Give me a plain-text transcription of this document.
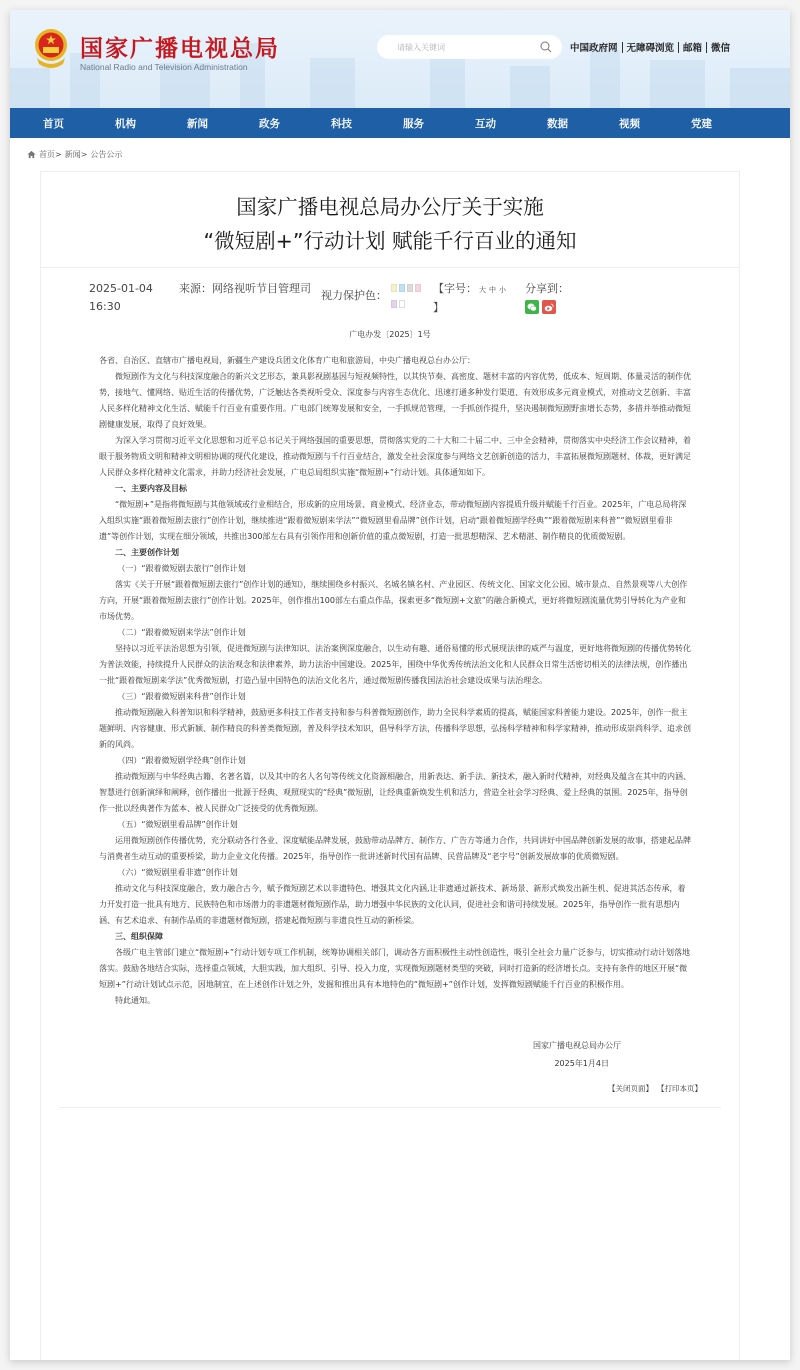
国家广播电视总局
National Radio and Television Administration
请输入关键词
中国政府网 无障碍浏览 邮箱 微信
首页	机构	新闻	政务	科技	服务	互动	数据	视频	党建
首页> 新闻> 公告公示
国家广播电视总局办公厅关于实施
“微短剧+”行动计划 赋能千行百业的通知
2025-01-04 16:30
来源：网络视听节目管理司
视力保护色：

【字号： 大 中 小
】
分享到：
广电办发〔2025〕1号

各省、自治区、直辖市广播电视局，新疆生产建设兵团文化体育广电和旅游局，中央广播电视总台办公厅：

微短剧作为文化与科技深度融合的新兴文艺形态，兼具影视剧基因与短视频特性，以其快节奏、高密度、题材丰富的内容优势，低成本、短周期、体量灵活的制作优势，接地气、懂网络、贴近生活的传播优势，广泛触达各类视听受众、深度参与内容生态优化、迅速打通多种发行渠道、有效形成多元商业模式，对推动文艺创新、丰富人民多样化精神文化生活、赋能千行百业有重要作用。广电部门统筹发展和安全，一手抓规范管理，一手抓创作提升，坚决遏制微短剧野蛮增长态势，多措并举推动微短剧健康发展，取得了良好效果。

为深入学习贯彻习近平文化思想和习近平总书记关于网络强国的重要思想，贯彻落实党的二十大和二十届二中、三中全会精神，贯彻落实中央经济工作会议精神，着眼于服务物质文明和精神文明相协调的现代化建设，推动微短剧与千行百业结合，激发全社会深度参与网络文艺创新创造的活力，丰富拓展微短剧题材、体裁，更好满足人民群众多样化精神文化需求，并助力经济社会发展，广电总局组织实施“微短剧+”行动计划。具体通知如下。

一、主要内容及目标

“微短剧+”是指将微短剧与其他领域或行业相结合，形成新的应用场景、商业模式、经济业态，带动微短剧内容提质升级并赋能千行百业。2025年，广电总局将深入组织实施“跟着微短剧去旅行”创作计划，继续推进“跟着微短剧来学法”“微短剧里看品牌”创作计划，启动“跟着微短剧学经典”“跟着微短剧来科普”“微短剧里看非遗”等创作计划，实现在细分领域，共推出300部左右具有引领作用和创新价值的重点微短剧，打造一批思想精深、艺术精湛、制作精良的优质微短剧。

二、主要创作计划

（一）“跟着微短剧去旅行”创作计划

落实《关于开展“跟着微短剧去旅行”创作计划的通知》，继续围绕乡村振兴、名城名镇名村、产业园区、传统文化、国家文化公园、城市景点、自然景观等八大创作方向，开展“跟着微短剧去旅行”创作计划。2025年，创作推出100部左右重点作品，探索更多“微短剧+文旅”的融合新模式，更好将微短剧流量优势引导转化为产业和市场优势。

（二）“跟着微短剧来学法”创作计划

坚持以习近平法治思想为引领，促进微短剧与法律知识、法治案例深度融合，以生动有趣、通俗易懂的形式展现法律的威严与温度，更好地将微短剧的传播优势转化为普法效能，持续提升人民群众的法治观念和法律素养，助力法治中国建设。2025年，围绕中华优秀传统法治文化和人民群众日常生活密切相关的法律法规，创作播出一批“跟着微短剧来学法”优秀微短剧，打造凸显中国特色的法治文化名片，通过微短剧传播我国法治社会建设成果与法治理念。

（三）“跟着微短剧来科普”创作计划

推动微短剧融入科普知识和科学精神，鼓励更多科技工作者支持和参与科普微短剧创作，助力全民科学素质的提高，赋能国家科普能力建设。2025年，创作一批主题鲜明、内容健康、形式新颖、制作精良的科普类微短剧，普及科学技术知识，倡导科学方法，传播科学思想，弘扬科学精神和科学家精神，推动形成崇尚科学、追求创新的风尚。

（四）“跟着微短剧学经典”创作计划

推动微短剧与中华经典古籍、名著名篇，以及其中的名人名句等传统文化资源相融合，用新表达、新手法、新技术，融入新时代精神，对经典及蕴含在其中的内涵、智慧进行创新演绎和阐释，创作播出一批源于经典、观照现实的“经典”微短剧，让经典重新焕发生机和活力，营造全社会学习经典、爱上经典的氛围。2025年，指导创作一批以经典著作为蓝本、被人民群众广泛接受的优秀微短剧。

（五）“微短剧里看品牌”创作计划

运用微短剧创作传播优势，充分联动各行各业、深度赋能品牌发展，鼓励带动品牌方、制作方、广告方等通力合作，共同讲好中国品牌创新发展的故事，搭建起品牌与消费者生动互动的重要桥梁，助力企业文化传播。2025年，指导创作一批讲述新时代国有品牌、民营品牌及“老字号”创新发展故事的优质微短剧。

（六）“微短剧里看非遗”创作计划

推动文化与科技深度融合，致力融合古今，赋予微短剧艺术以非遗特色、增强其文化内涵,让非遗通过新技术、新场景、新形式焕发出新生机、促进其活态传承，着力开发打造一批具有地方、民族特色和市场潜力的非遗题材微短剧作品，助力增强中华民族的文化认同，促进社会和谐可持续发展。2025年，指导创作一批有思想内涵、有艺术追求、有制作品质的非遗题材微短剧，搭建起微短剧与非遗良性互动的新桥梁。

三、组织保障

各级广电主管部门建立“微短剧+”行动计划专项工作机制，统筹协调相关部门，调动各方面积极性主动性创造性，吸引全社会力量广泛参与，切实推动行动计划落地落实。鼓励各地结合实际，选择重点领域，大胆实践，加大组织、引导、投入力度，实现微短剧题材类型的突破，同时打造新的经济增长点。支持有条件的地区开展“微短剧+”行动计划试点示范，因地制宜，在上述创作计划之外，发掘和推出具有本地特色的“微短剧+”创作计划，发挥微短剧赋能千行百业的积极作用。

特此通知。

国家广播电视总局办公厅
2025年1月4日
【关闭页面】 【打印本页】
